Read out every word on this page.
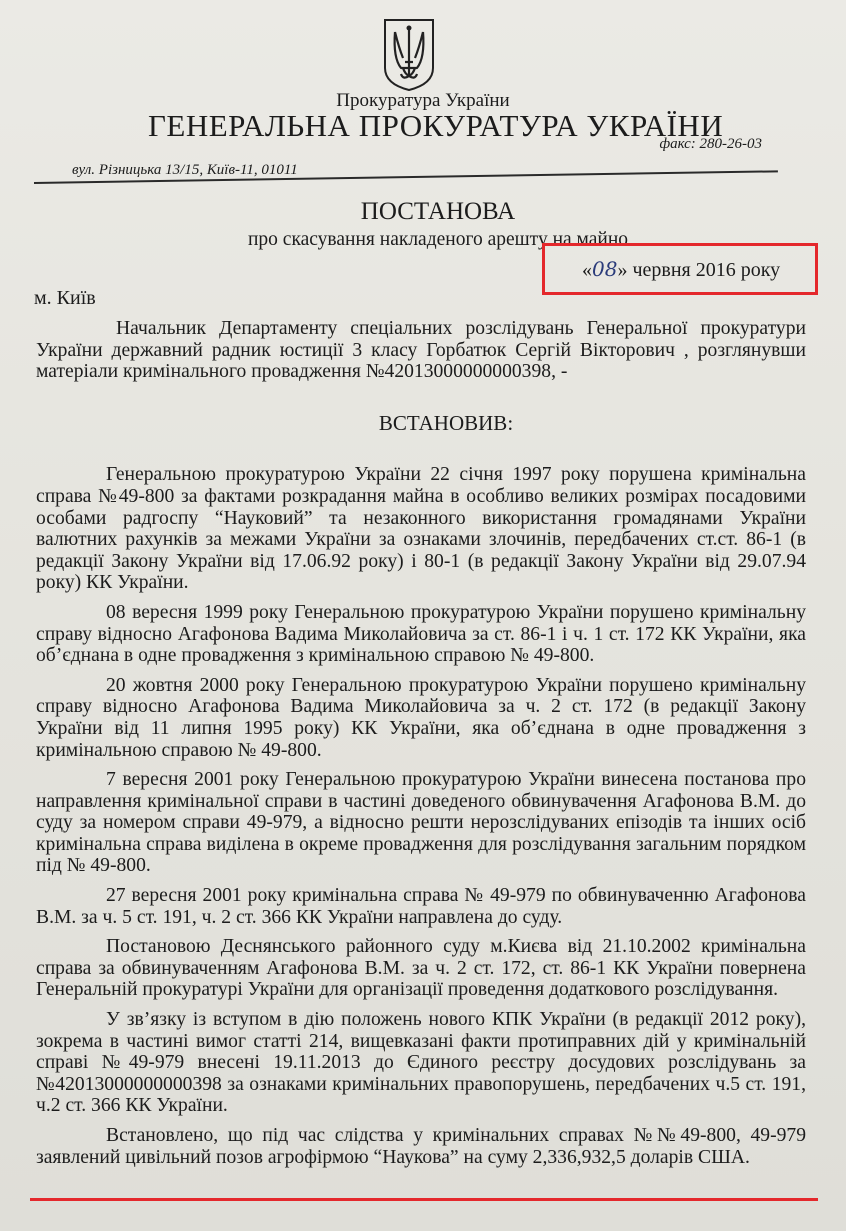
Прокуратура України
ГЕНЕРАЛЬНА ПРОКУРАТУРА УКРАЇНИ
факс: 280-26-03
вул. Різницька 13/15, Київ-11, 01011
ПОСТАНОВА
про скасування накладеного арешту на майно
«08» червня 2016 року
м. Київ

Начальник Департаменту спеціальних розслідувань Генеральної прокуратури України державний радник юстиції 3 класу Горбатюк Сергій Вікторович , розглянувши матеріали кримінального провадження №42013000000000398, -

ВСТАНОВИВ:

Генеральною прокуратурою України 22 січня 1997 року порушена кримінальна справа №49-800 за фактами розкрадання майна в особливо великих розмірах посадовими особами радгоспу “Науковий” та незаконного використання громадянами України валютних рахунків за межами України за ознаками злочинів, передбачених ст.ст. 86-1 (в редакції Закону України від 17.06.92 року) і 80-1 (в редакції Закону України від 29.07.94 року) КК України.

08 вересня 1999 року Генеральною прокуратурою України порушено кримінальну справу відносно Агафонова Вадима Миколайовича за ст. 86-1 і ч. 1 ст. 172 КК України, яка об’єднана в одне провадження з кримінальною справою № 49-800.

20 жовтня 2000 року Генеральною прокуратурою України порушено кримінальну справу відносно Агафонова Вадима Миколайовича за ч. 2 ст. 172 (в редакції Закону України від 11 липня 1995 року) КК України, яка об’єднана в одне провадження з кримінальною справою № 49-800.

7 вересня 2001 року Генеральною прокуратурою України винесена постанова про направлення кримінальної справи в частині доведеного обвинувачення Агафонова В.М. до суду за номером справи 49-979, а відносно решти нерозслідуваних епізодів та інших осіб кримінальна справа виділена в окреме провадження для розслідування загальним порядком під № 49-800.

27 вересня 2001 року кримінальна справа № 49-979 по обвинуваченню Агафонова В.М. за ч. 5 ст. 191, ч. 2 ст. 366 КК України направлена до суду.

Постановою Деснянського районного суду м.Києва від 21.10.2002 кримінальна справа за обвинуваченням Агафонова В.М. за ч. 2 ст. 172, ст. 86-1 КК України повернена Генеральній прокуратурі України для організації проведення додаткового розслідування.

У зв’язку із вступом в дію положень нового КПК України (в редакції 2012 року), зокрема в частині вимог статті 214, вищевказані факти протиправних дій у кримінальній справі №49-979 внесені 19.11.2013 до Єдиного реєстру досудових розслідувань за №42013000000000398 за ознаками кримінальних правопорушень, передбачених ч.5 ст. 191, ч.2 ст. 366 КК України.

Встановлено, що під час слідства у кримінальних справах №№49-800, 49-979 заявлений цивільний позов агрофірмою “Наукова” на суму 2,336,932,5 доларів США.
